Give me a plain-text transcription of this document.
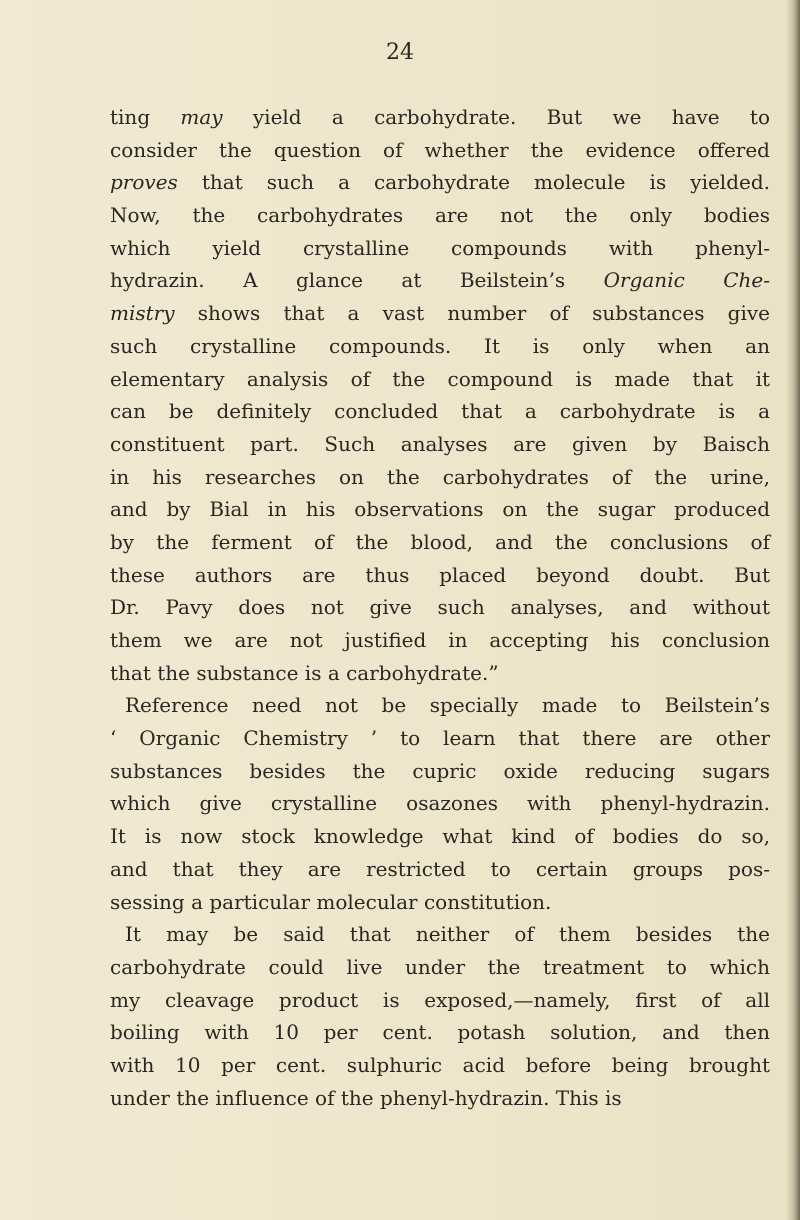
24
ting may yield a carbohydrate. But we have to
consider the question of whether the evidence offered
proves that such a carbohydrate molecule is yielded.
Now, the carbohydrates are not the only bodies
which yield crystalline compounds with phenyl-
hydrazin. A glance at Beilstein’s Organic Che-
mistry shows that a vast number of substances give
such crystalline compounds. It is only when an
elementary analysis of the compound is made that it
can be definitely concluded that a carbohydrate is a
constituent part. Such analyses are given by Baisch
in his researches on the carbohydrates of the urine,
and by Bial in his observations on the sugar produced
by the ferment of the blood, and the conclusions of
these authors are thus placed beyond doubt. But
Dr. Pavy does not give such analyses, and without
them we are not justified in accepting his conclusion
that the substance is a carbohydrate.”
Reference need not be specially made to Beilstein’s
‘ Organic Chemistry ’ to learn that there are other
substances besides the cupric oxide reducing sugars
which give crystalline osazones with phenyl-hydrazin.
It is now stock knowledge what kind of bodies do so,
and that they are restricted to certain groups pos-
sessing a particular molecular constitution.
It may be said that neither of them besides the
carbohydrate could live under the treatment to which
my cleavage product is exposed,—namely, first of all
boiling with 10 per cent. potash solution, and then
with 10 per cent. sulphuric acid before being brought
under the influence of the phenyl-hydrazin. This is
